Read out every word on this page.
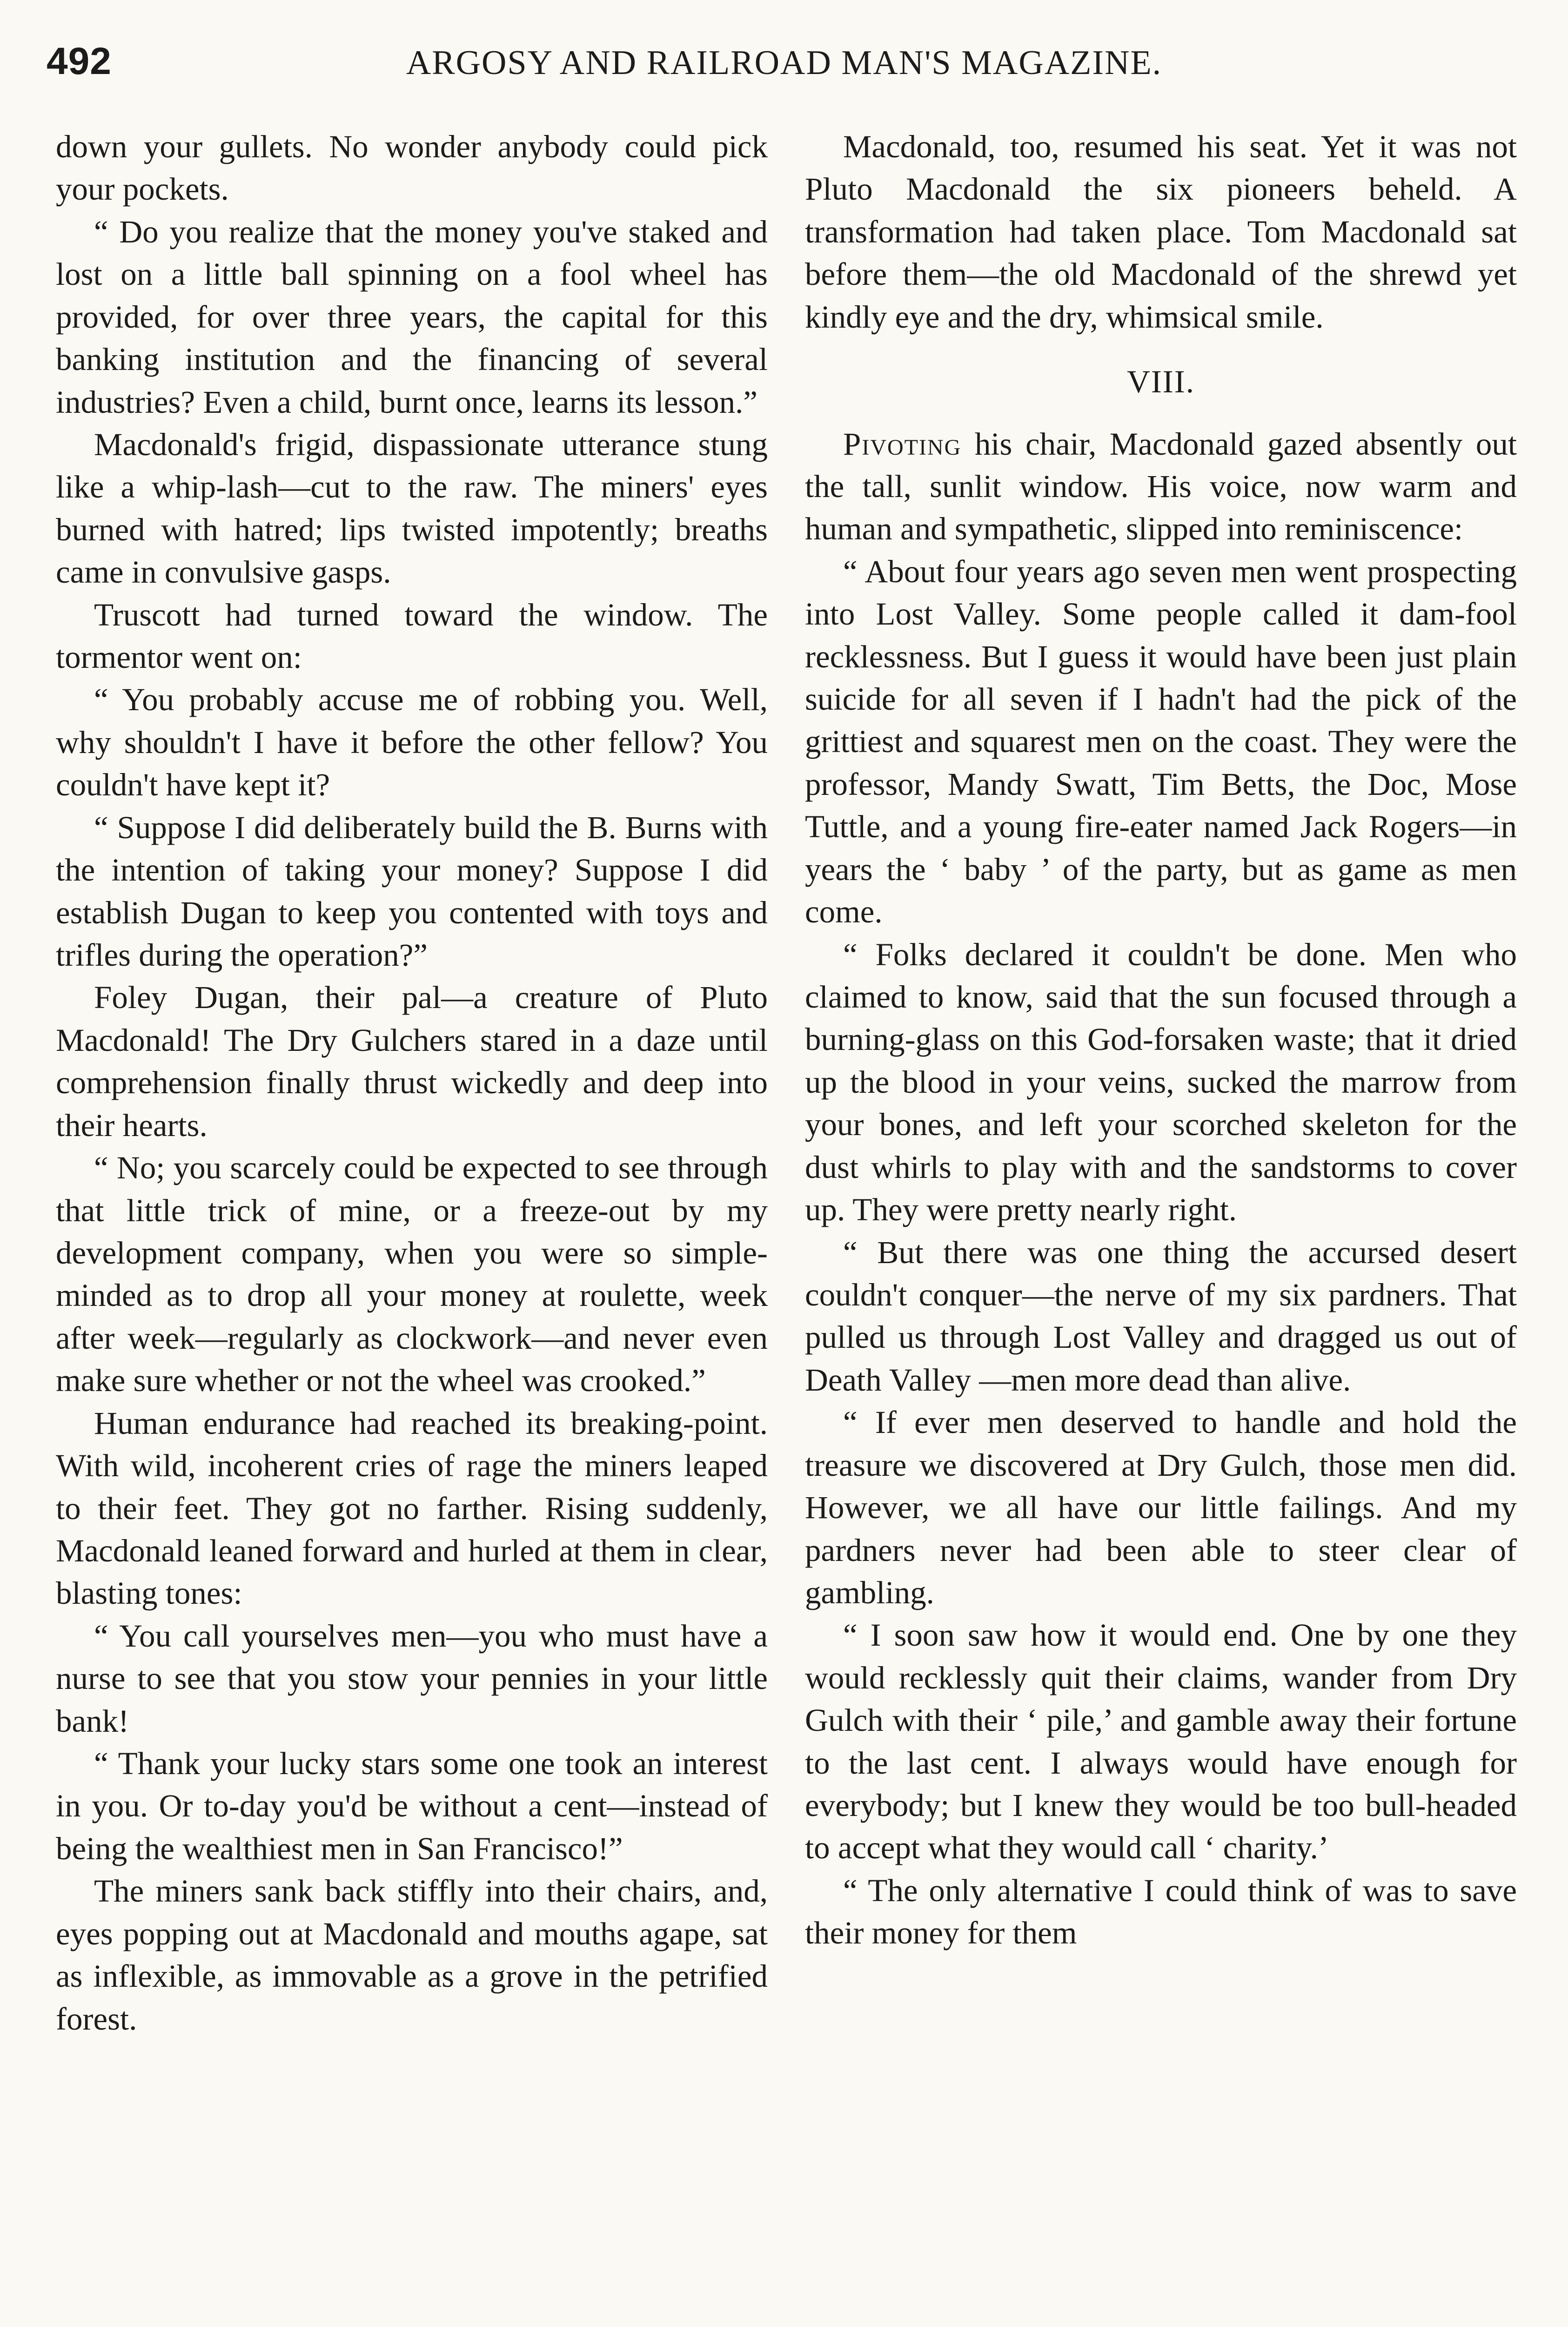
492	ARGOSY AND RAILROAD MAN'S MAGAZINE.

down your gullets. No wonder anybody could pick your pockets.

“ Do you realize that the money you've staked and lost on a little ball spinning on a fool wheel has provided, for over three years, the capital for this banking institution and the financing of several industries? Even a child, burnt once, learns its lesson.”

Macdonald's frigid, dispassionate utterance stung like a whip-lash—cut to the raw. The miners' eyes burned with hatred; lips twisted impotently; breaths came in convulsive gasps.

Truscott had turned toward the window. The tormentor went on:

“ You probably accuse me of robbing you. Well, why shouldn't I have it before the other fellow? You couldn't have kept it?

“ Suppose I did deliberately build the B. Burns with the intention of taking your money? Suppose I did establish Dugan to keep you contented with toys and trifles during the operation?”

Foley Dugan, their pal—a creature of Pluto Macdonald! The Dry Gulchers stared in a daze until comprehension finally thrust wickedly and deep into their hearts.

“ No; you scarcely could be expected to see through that little trick of mine, or a freeze-out by my development company, when you were so simple-minded as to drop all your money at roulette, week after week—regularly as clockwork—and never even make sure whether or not the wheel was crooked.”

Human endurance had reached its breaking-point. With wild, incoherent cries of rage the miners leaped to their feet. They got no farther. Rising suddenly, Macdonald leaned forward and hurled at them in clear, blasting tones:

“ You call yourselves men—you who must have a nurse to see that you stow your pennies in your little bank!

“ Thank your lucky stars some one took an interest in you. Or to-day you'd be without a cent—instead of being the wealthiest men in San Francisco!”

The miners sank back stiffly into their chairs, and, eyes popping out at Macdonald and mouths agape, sat as inflexible, as immovable as a grove in the petrified forest.

Macdonald, too, resumed his seat. Yet it was not Pluto Macdonald the six pioneers beheld. A transformation had taken place. Tom Macdonald sat before them—the old Macdonald of the shrewd yet kindly eye and the dry, whimsical smile.

VIII.

Pivoting his chair, Macdonald gazed absently out the tall, sunlit window. His voice, now warm and human and sympathetic, slipped into reminiscence:

“ About four years ago seven men went prospecting into Lost Valley. Some people called it dam-fool recklessness. But I guess it would have been just plain suicide for all seven if I hadn't had the pick of the grittiest and squarest men on the coast. They were the professor, Mandy Swatt, Tim Betts, the Doc, Mose Tuttle, and a young fire-eater named Jack Rogers—in years the ‘ baby ’ of the party, but as game as men come.

“ Folks declared it couldn't be done. Men who claimed to know, said that the sun focused through a burning-glass on this God-forsaken waste; that it dried up the blood in your veins, sucked the marrow from your bones, and left your scorched skeleton for the dust whirls to play with and the sandstorms to cover up. They were pretty nearly right.

“ But there was one thing the accursed desert couldn't conquer—the nerve of my six pardners. That pulled us through Lost Valley and dragged us out of Death Valley —men more dead than alive.

“ If ever men deserved to handle and hold the treasure we discovered at Dry Gulch, those men did. However, we all have our little failings. And my pardners never had been able to steer clear of gambling.

“ I soon saw how it would end. One by one they would recklessly quit their claims, wander from Dry Gulch with their ‘ pile,’ and gamble away their fortune to the last cent. I always would have enough for everybody; but I knew they would be too bull-headed to accept what they would call ‘ charity.’

“ The only alternative I could think of was to save their money for them
